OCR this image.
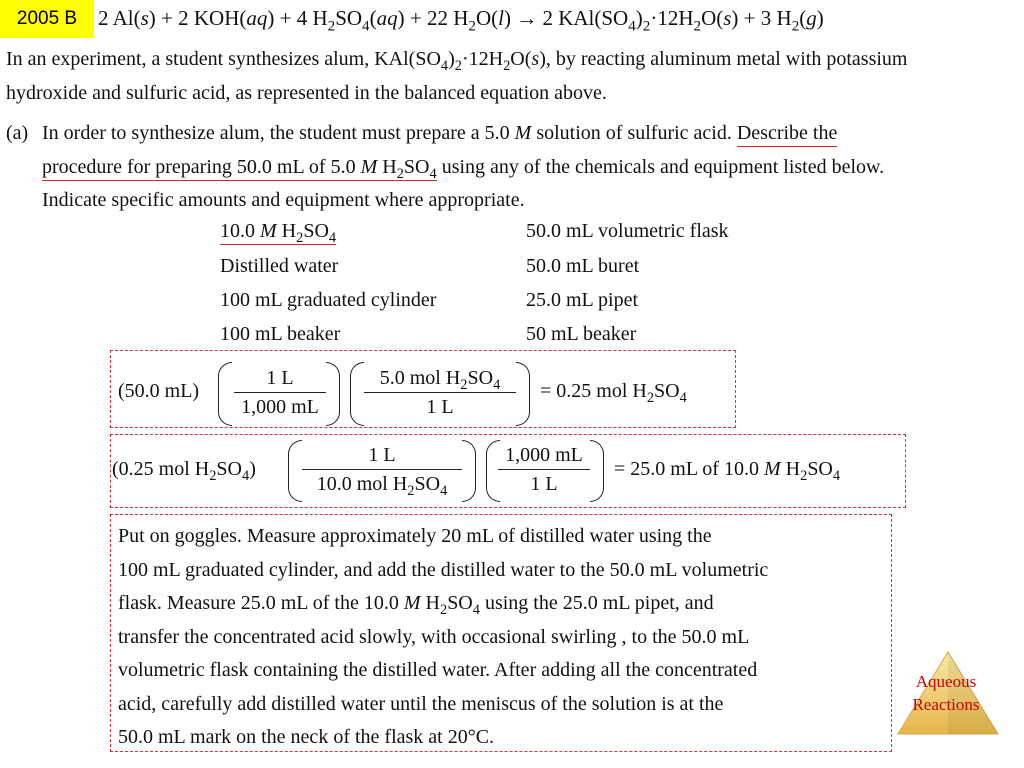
2005 B 2 Al(s) + 2 KOH(aq) + 4 $H_2SO_4(aq) + 22$ $H_2O(l) \to 2$ $KAl(SO_4)_2\cdot 12H_2O(s) + 3$ $H_2(g)$
In an experiment, a student synthesizes alum, $KAl(SO_4)_2\cdot 12H_2O(s)$, by reacting aluminum metal with potassium
hydroxide and sulfuric acid, as represented in the balanced equation above.
(a) In order to synthesize alum, the student must prepare a 5.0 M solution of sulfuric acid. Describe the
procedure for preparing 50.0 mL of 5.0 M $H_2SO_4$ using any of the chemicals and equipment listed below.
Indicate specific amounts and equipment where appropriate.
10.0 M $H_2SO_4$
Distilled water
100 mL graduated cylinder
100 mL beaker
50.0 mL volumetric flask
50.0 mL buret
25.0 mL pipet
50 mL beaker
(50.0 mL)
1 L
1,000 mL
5.0 mol $H_2SO_4$
1 L
= 0.25 mol $H_2SO_4$
(0.25 mol $H_2SO_4$)
1 L
10.0 mol $H_2SO_4$
1,000 mL
1 L
= 25.0 mL of 10.0 M $H_2SO_4$
Put on goggles. Measure approximately 20 mL of distilled water using the
100 mL graduated cylinder, and add the distilled water to the 50.0 mL volumetric
flask. Measure 25.0 mL of the 10.0 M $H_2SO_4$ using the 25.0 mL pipet, and
transfer the concentrated acid slowly, with occasional swirling , to the 50.0 mL
volumetric flask containing the distilled water. After adding all the concentrated
acid, carefully add distilled water until the meniscus of the solution is at the
50.0 mL mark on the neck of the flask at 20°C.
Aqueous
Reactions
